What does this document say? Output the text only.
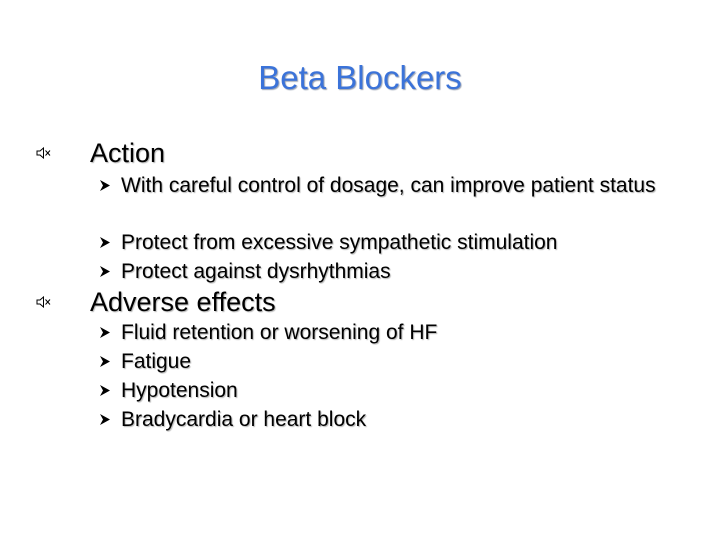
Beta Blockers
Action
With careful control of dosage, can improve patient status
Protect from excessive sympathetic stimulation
Protect against dysrhythmias
Adverse effects
Fluid retention or worsening of HF
Fatigue
Hypotension
Bradycardia or heart block
